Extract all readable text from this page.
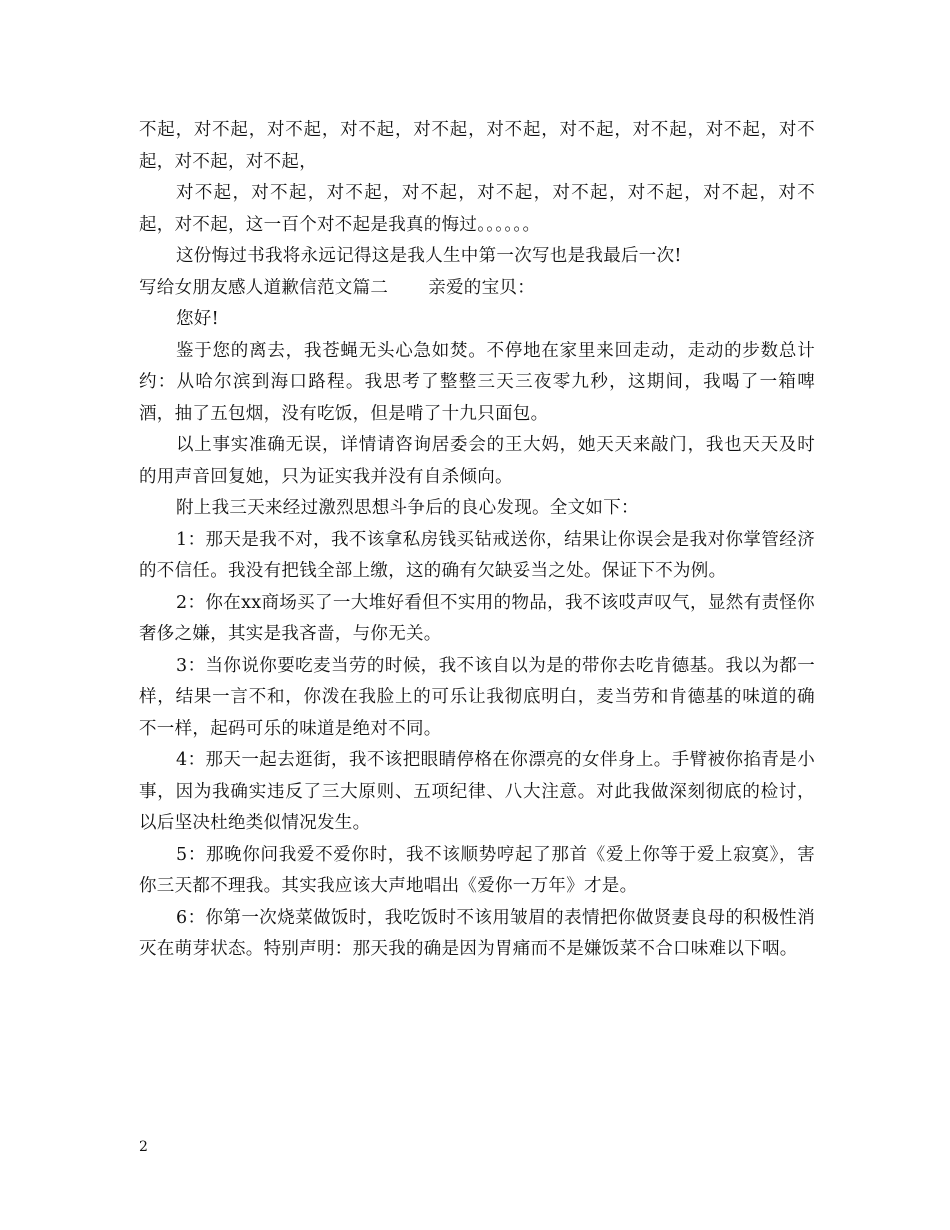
不起，对不起，对不起，对不起，对不起，对不起，对不起，对不起，对不起，对不起，对不起，对不起，

对不起，对不起，对不起，对不起，对不起，对不起，对不起，对不起，对不起，对不起，这一百个对不起是我真的悔过。。。。。。

这份悔过书我将永远记得这是我人生中第一次写也是我最后一次!

写给女朋友感人道歉信范文篇二 亲爱的宝贝：

您好!

鉴于您的离去，我苍蝇无头心急如焚。不停地在家里来回走动，走动的步数总计约：从哈尔滨到海口路程。我思考了整整三天三夜零九秒，这期间，我喝了一箱啤酒，抽了五包烟，没有吃饭，但是啃了十九只面包。

以上事实准确无误，详情请咨询居委会的王大妈，她天天来敲门，我也天天及时的用声音回复她，只为证实我并没有自杀倾向。

附上我三天来经过激烈思想斗争后的良心发现。全文如下：

1：那天是我不对，我不该拿私房钱买钻戒送你，结果让你误会是我对你掌管经济的不信任。我没有把钱全部上缴，这的确有欠缺妥当之处。保证下不为例。

2：你在xx商场买了一大堆好看但不实用的物品，我不该哎声叹气，显然有责怪你奢侈之嫌，其实是我吝啬，与你无关。

3：当你说你要吃麦当劳的时候，我不该自以为是的带你去吃肯德基。我以为都一样，结果一言不和，你泼在我脸上的可乐让我彻底明白，麦当劳和肯德基的味道的确不一样，起码可乐的味道是绝对不同。

4：那天一起去逛街，我不该把眼睛停格在你漂亮的女伴身上。手臂被你掐青是小事，因为我确实违反了三大原则、五项纪律、八大注意。对此我做深刻彻底的检讨，以后坚决杜绝类似情况发生。

5：那晚你问我爱不爱你时，我不该顺势哼起了那首《爱上你等于爱上寂寞》，害你三天都不理我。其实我应该大声地唱出《爱你一万年》才是。

6：你第一次烧菜做饭时，我吃饭时不该用皱眉的表情把你做贤妻良母的积极性消灭在萌芽状态。特别声明：那天我的确是因为胃痛而不是嫌饭菜不合口味难以下咽。

2
